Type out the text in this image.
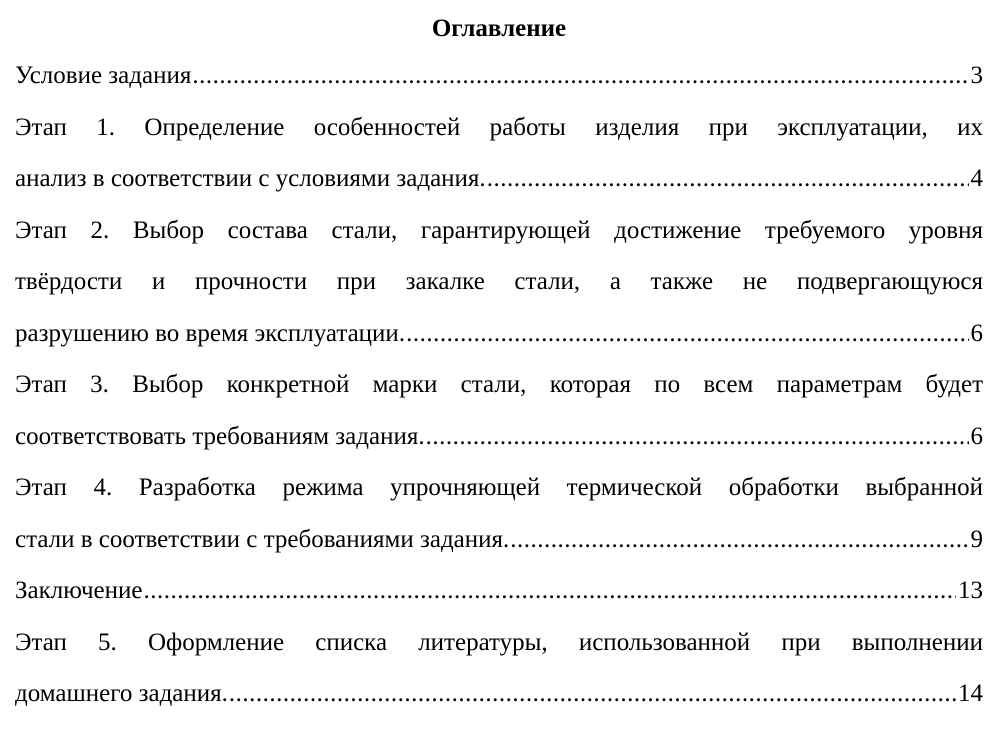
Оглавление
Условие задания .....	3
Этап 1. Определение особенностей работы изделия при эксплуатации, их
анализ в соответствии с условиями задания. .....	4
Этап 2. Выбор состава стали, гарантирующей достижение требуемого уровня
твёрдости и прочности при закалке стали, а также не подвергающуюся
разрушению во время эксплуатации. .....	6
Этап 3. Выбор конкретной марки стали, которая по всем параметрам будет
соответствовать требованиям задания. .....	6
Этап 4. Разработка режима упрочняющей термической обработки выбранной
стали в соответствии с требованиями задания. .....	9
Заключение .....	13
Этап 5. Оформление списка литературы, использованной при выполнении
домашнего задания. .....	14
